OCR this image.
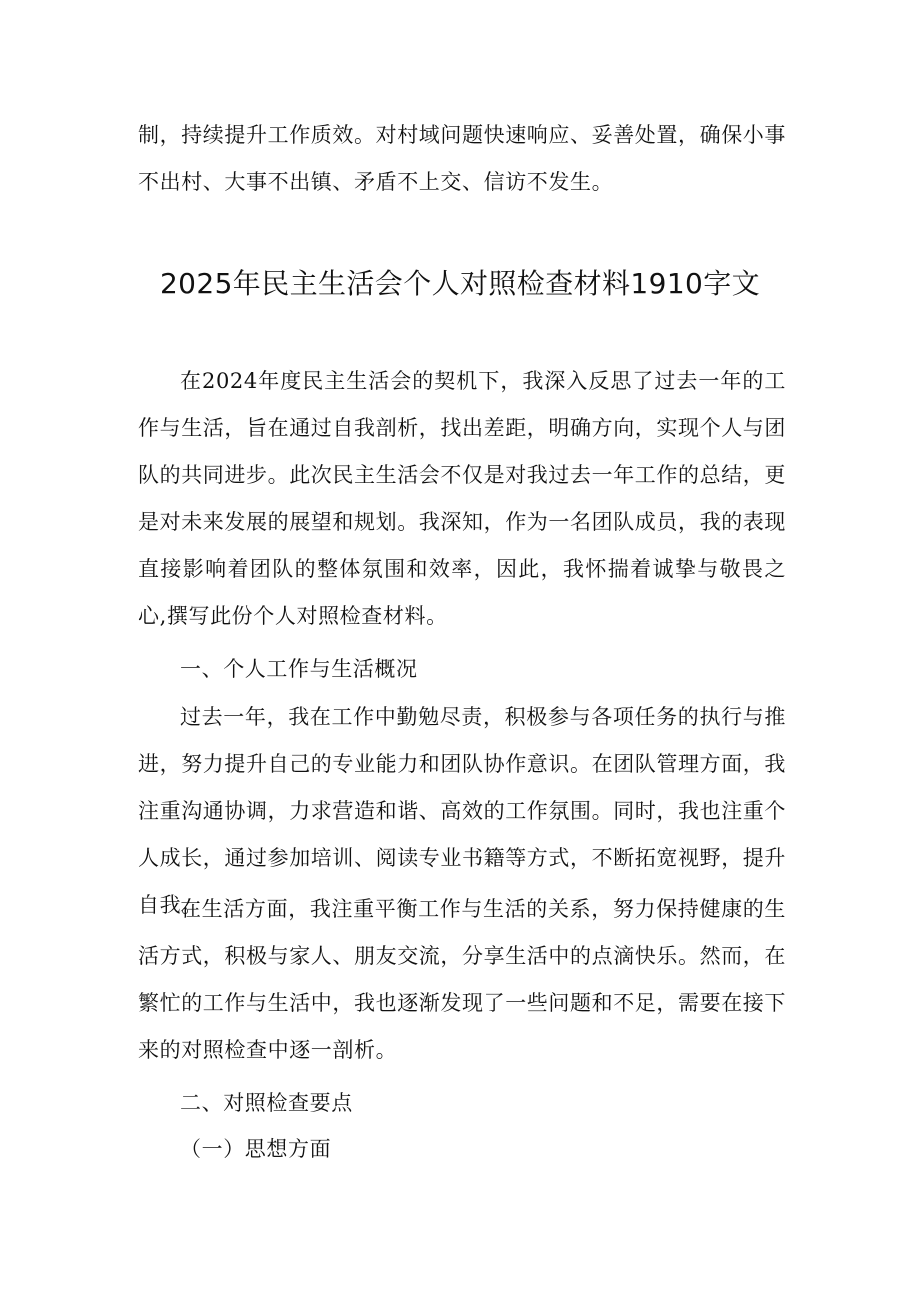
制，持续提升工作质效。对村域问题快速响应、妥善处置，确保小事不出村、大事不出镇、矛盾不上交、信访不发生。

2025年民主生活会个人对照检查材料1910字文

在2024年度民主生活会的契机下，我深入反思了过去一年的工作与生活，旨在通过自我剖析，找出差距，明确方向，实现个人与团队的共同进步。此次民主生活会不仅是对我过去一年工作的总结，更是对未来发展的展望和规划。我深知，作为一名团队成员，我的表现直接影响着团队的整体氛围和效率，因此，我怀揣着诚挚与敬畏之心,撰写此份个人对照检查材料。

一、个人工作与生活概况

过去一年，我在工作中勤勉尽责，积极参与各项任务的执行与推进，努力提升自己的专业能力和团队协作意识。在团队管理方面，我注重沟通协调，力求营造和谐、高效的工作氛围。同时，我也注重个人成长，通过参加培训、阅读专业书籍等方式，不断拓宽视野，提升自我。

在生活方面，我注重平衡工作与生活的关系，努力保持健康的生活方式，积极与家人、朋友交流，分享生活中的点滴快乐。然而，在繁忙的工作与生活中，我也逐渐发现了一些问题和不足，需要在接下来的对照检查中逐一剖析。

二、对照检查要点

（一）思想方面
